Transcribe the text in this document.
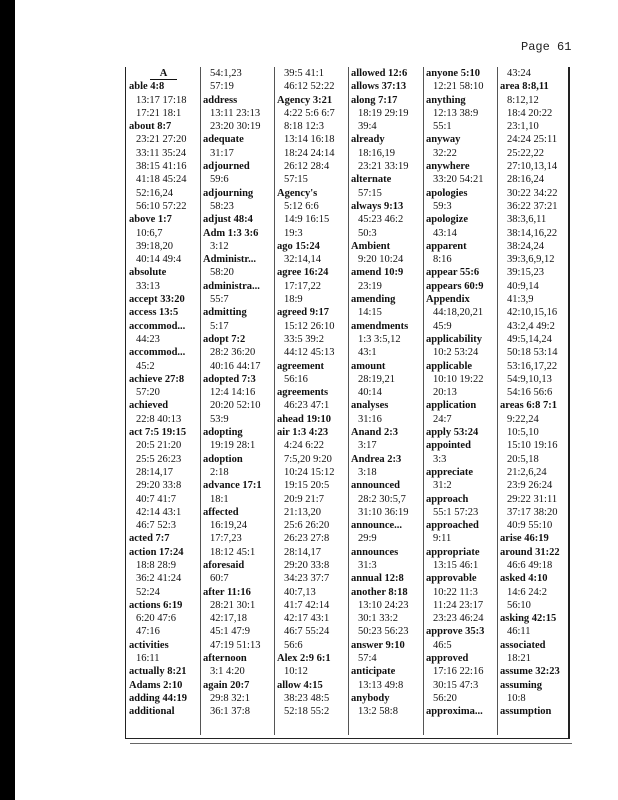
Page 61
A
able 4:8
13:17 17:18
17:21 18:1
about 8:7
23:21 27:20
33:11 35:24
38:15 41:16
41:18 45:24
52:16,24
56:10 57:22
above 1:7
10:6,7
39:18,20
40:14 49:4
absolute
33:13
accept 33:20
access 13:5
accommod...
44:23
accommod...
45:2
achieve 27:8
57:20
achieved
22:8 40:13
act 7:5 19:15
20:5 21:20
25:5 26:23
28:14,17
29:20 33:8
40:7 41:7
42:14 43:1
46:7 52:3
acted 7:7
action 17:24
18:8 28:9
36:2 41:24
52:24
actions 6:19
6:20 47:6
47:16
activities
16:11
actually 8:21
Adams 2:10
adding 44:19
additional
54:1,23
57:19
address
13:11 23:13
23:20 30:19
adequate
31:17
adjourned
59:6
adjourning
58:23
adjust 48:4
Adm 1:3 3:6
3:12
Administr...
58:20
administra...
55:7
admitting
5:17
adopt 7:2
28:2 36:20
40:16 44:17
adopted 7:3
12:4 14:16
20:20 52:10
53:9
adopting
19:19 28:1
adoption
2:18
advance 17:1
18:1
affected
16:19,24
17:7,23
18:12 45:1
aforesaid
60:7
after 11:16
28:21 30:1
42:17,18
45:1 47:9
47:19 51:13
afternoon
3:1 4:20
again 20:7
29:8 32:1
36:1 37:8
39:5 41:1
46:12 52:22
Agency 3:21
4:22 5:6 6:7
8:18 12:3
13:14 16:18
18:24 24:14
26:12 28:4
57:15
Agency's
5:12 6:6
14:9 16:15
19:3
ago 15:24
32:14,14
agree 16:24
17:17,22
18:9
agreed 9:17
15:12 26:10
33:5 39:2
44:12 45:13
agreement
56:16
agreements
46:23 47:1
ahead 19:10
air 1:3 4:23
4:24 6:22
7:5,20 9:20
10:24 15:12
19:15 20:5
20:9 21:7
21:13,20
25:6 26:20
26:23 27:8
28:14,17
29:20 33:8
34:23 37:7
40:7,13
41:7 42:14
42:17 43:1
46:7 55:24
56:6
Alex 2:9 6:1
10:12
allow 4:15
38:23 48:5
52:18 55:2
allowed 12:6
allows 37:13
along 7:17
18:19 29:19
39:4
already
18:16,19
23:21 33:19
alternate
57:15
always 9:13
45:23 46:2
50:3
Ambient
9:20 10:24
amend 10:9
23:19
amending
14:15
amendments
1:3 3:5,12
43:1
amount
28:19,21
40:14
analyses
31:16
Anand 2:3
3:17
Andrea 2:3
3:18
announced
28:2 30:5,7
31:10 36:19
announce...
29:9
announces
31:3
annual 12:8
another 8:18
13:10 24:23
30:1 33:2
50:23 56:23
answer 9:10
57:4
anticipate
13:13 49:8
anybody
13:2 58:8
anyone 5:10
12:21 58:10
anything
12:13 38:9
55:1
anyway
32:22
anywhere
33:20 54:21
apologies
59:3
apologize
43:14
apparent
8:16
appear 55:6
appears 60:9
Appendix
44:18,20,21
45:9
applicability
10:2 53:24
applicable
10:10 19:22
20:13
application
24:7
apply 53:24
appointed
3:3
appreciate
31:2
approach
55:1 57:23
approached
9:11
appropriate
13:15 46:1
approvable
10:22 11:3
11:24 23:17
23:23 46:24
approve 35:3
46:5
approved
17:16 22:16
30:15 47:3
56:20
approxima...
43:24
area 8:8,11
8:12,12
18:4 20:22
23:1,10
24:24 25:11
25:22,22
27:10,13,14
28:16,24
30:22 34:22
36:22 37:21
38:3,6,11
38:14,16,22
38:24,24
39:3,6,9,12
39:15,23
40:9,14
41:3,9
42:10,15,16
43:2,4 49:2
49:5,14,24
50:18 53:14
53:16,17,22
54:9,10,13
54:16 56:6
areas 6:8 7:1
9:22,24
10:5,10
15:10 19:16
20:5,18
21:2,6,24
23:9 26:24
29:22 31:11
37:17 38:20
40:9 55:10
arise 46:19
around 31:22
46:6 49:18
asked 4:10
14:6 24:2
56:10
asking 42:15
46:11
associated
18:21
assume 32:23
assuming
10:8
assumption
